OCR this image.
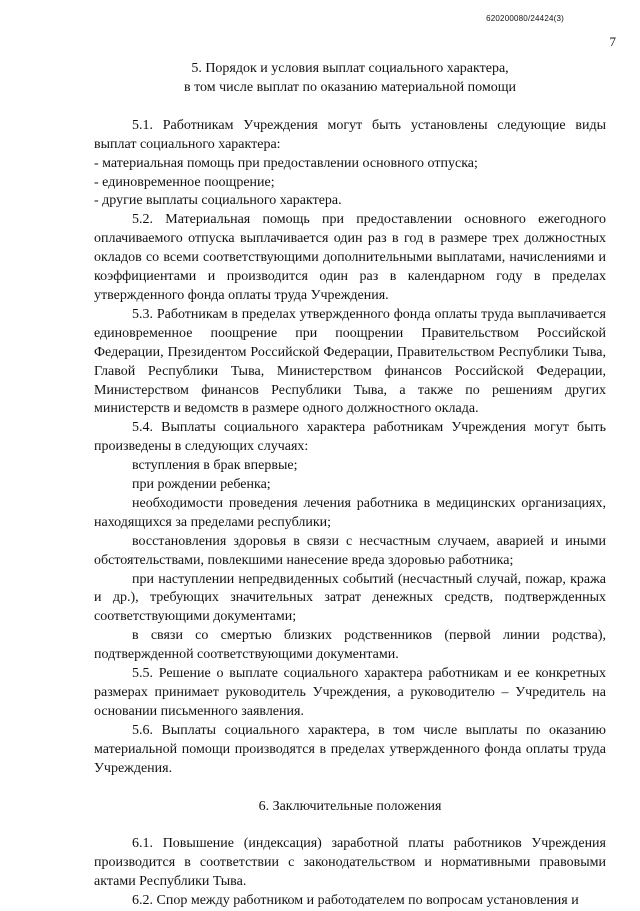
620200080/24424(3)
7

5. Порядок и условия выплат социального характера,

в том числе выплат по оказанию материальной помощи

5.1. Работникам Учреждения могут быть установлены следующие виды выплат социального характера:

- материальная помощь при предоставлении основного отпуска;

- единовременное поощрение;

- другие выплаты социального характера.

5.2. Материальная помощь при предоставлении основного ежегодного оплачиваемого отпуска выплачивается один раз в год в размере трех должностных окладов со всеми соответствующими дополнительными выплатами, начислениями и коэффициентами и производится один раз в календарном году в пределах утвержденного фонда оплаты труда Учреждения.

5.3. Работникам в пределах утвержденного фонда оплаты труда выплачивается единовременное поощрение при поощрении Правительством Российской Федерации, Президентом Российской Федерации, Правительством Республики Тыва, Главой Республики Тыва, Министерством финансов Российской Федерации, Министерством финансов Республики Тыва, а также по решениям других министерств и ведомств в размере одного должностного оклада.

5.4. Выплаты социального характера работникам Учреждения могут быть произведены в следующих случаях:

вступления в брак впервые;

при рождении ребенка;

необходимости проведения лечения работника в медицинских организациях, находящихся за пределами республики;

восстановления здоровья в связи с несчастным случаем, аварией и иными обстоятельствами, повлекшими нанесение вреда здоровью работника;

при наступлении непредвиденных событий (несчастный случай, пожар, кража и др.), требующих значительных затрат денежных средств, подтвержденных соответствующими документами;

в связи со смертью близких родственников (первой линии родства), подтвержденной соответствующими документами.

5.5. Решение о выплате социального характера работникам и ее конкретных размерах принимает руководитель Учреждения, а руководителю – Учредитель на основании письменного заявления.

5.6. Выплаты социального характера, в том числе выплаты по оказанию материальной помощи производятся в пределах утвержденного фонда оплаты труда Учреждения.

6. Заключительные положения

6.1. Повышение (индексация) заработной платы работников Учреждения производится в соответствии с законодательством и нормативными правовыми актами Республики Тыва.

6.2. Спор между работником и работодателем по вопросам установления и
